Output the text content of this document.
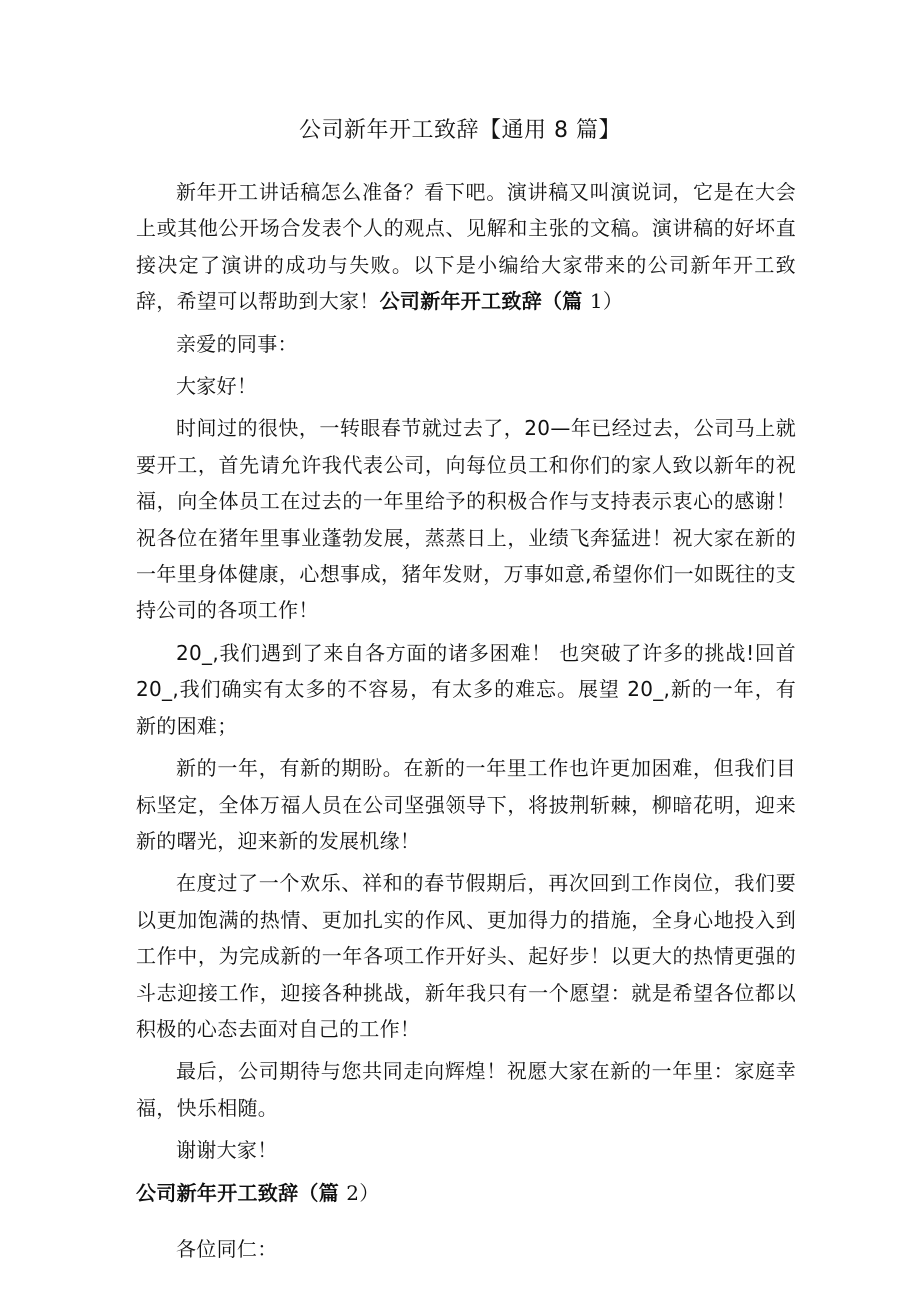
公司新年开工致辞【通用 8 篇】

新年开工讲话稿怎么准备？看下吧。演讲稿又叫演说词，它是在大会上或其他公开场合发表个人的观点、见解和主张的文稿。演讲稿的好坏直接决定了演讲的成功与失败。以下是小编给大家带来的公司新年开工致辞，希望可以帮助到大家！公司新年开工致辞（篇 1）

亲爱的同事：

大家好！

时间过的很快，一转眼春节就过去了，20—年已经过去，公司马上就要开工，首先请允许我代表公司，向每位员工和你们的家人致以新年的祝福，向全体员工在过去的一年里给予的积极合作与支持表示衷心的感谢！祝各位在猪年里事业蓬勃发展，蒸蒸日上，业绩飞奔猛进！祝大家在新的一年里身体健康，心想事成，猪年发财，万事如意,希望你们一如既往的支持公司的各项工作！

20_,我们遇到了来自各方面的诸多困难！ 也突破了许多的挑战!回首 20_,我们确实有太多的不容易，有太多的难忘。展望 20_,新的一年，有新的困难；

新的一年，有新的期盼。在新的一年里工作也许更加困难，但我们目标坚定，全体万福人员在公司坚强领导下，将披荆斩棘，柳暗花明，迎来新的曙光，迎来新的发展机缘！

在度过了一个欢乐、祥和的春节假期后，再次回到工作岗位，我们要以更加饱满的热情、更加扎实的作风、更加得力的措施，全身心地投入到工作中，为完成新的一年各项工作开好头、起好步！以更大的热情更强的斗志迎接工作，迎接各种挑战，新年我只有一个愿望：就是希望各位都以积极的心态去面对自己的工作！

最后，公司期待与您共同走向辉煌！祝愿大家在新的一年里：家庭幸福，快乐相随。

谢谢大家！

公司新年开工致辞（篇 2）

各位同仁：
